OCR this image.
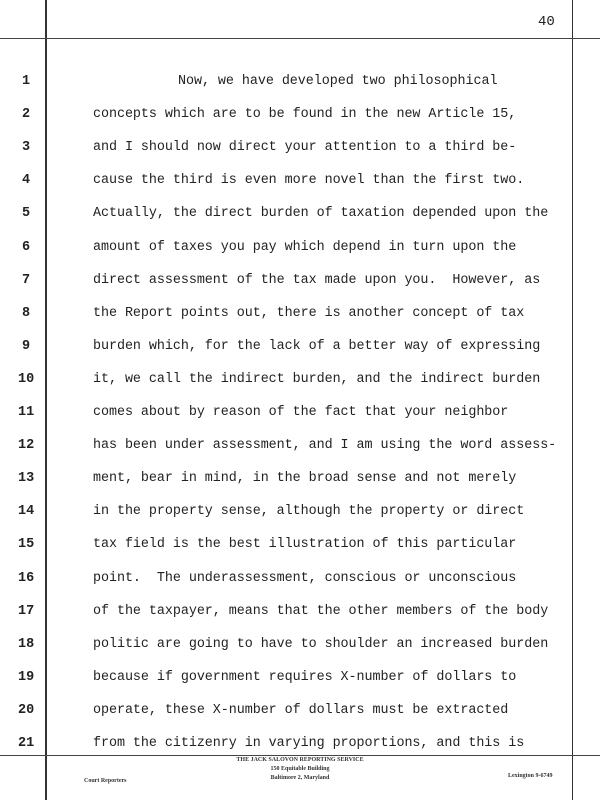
40
1	Now, we have developed two philosophical
2	concepts which are to be found in the new Article 15,
3	and I should now direct your attention to a third be-
4	cause the third is even more novel than the first two.
5	Actually, the direct burden of taxation depended upon the
6	amount of taxes you pay which depend in turn upon the
7	direct assessment of the tax made upon you.  However, as
8	the Report points out, there is another concept of tax
9	burden which, for the lack of a better way of expressing
10	it, we call the indirect burden, and the indirect burden
11	comes about by reason of the fact that your neighbor
12	has been under assessment, and I am using the word assess-
13	ment, bear in mind, in the broad sense and not merely
14	in the property sense, although the property or direct
15	tax field is the best illustration of this particular
16	point.  The underassessment, conscious or unconscious
17	of the taxpayer, means that the other members of the body
18	politic are going to have to shoulder an increased burden
19	because if government requires X-number of dollars to
20	operate, these X-number of dollars must be extracted
21	from the citizenry in varying proportions, and this is
Court Reporters
THE JACK SALOVON REPORTING SERVICE
150 Equitable Building
Baltimore 2, Maryland	Lexington 9-6749
